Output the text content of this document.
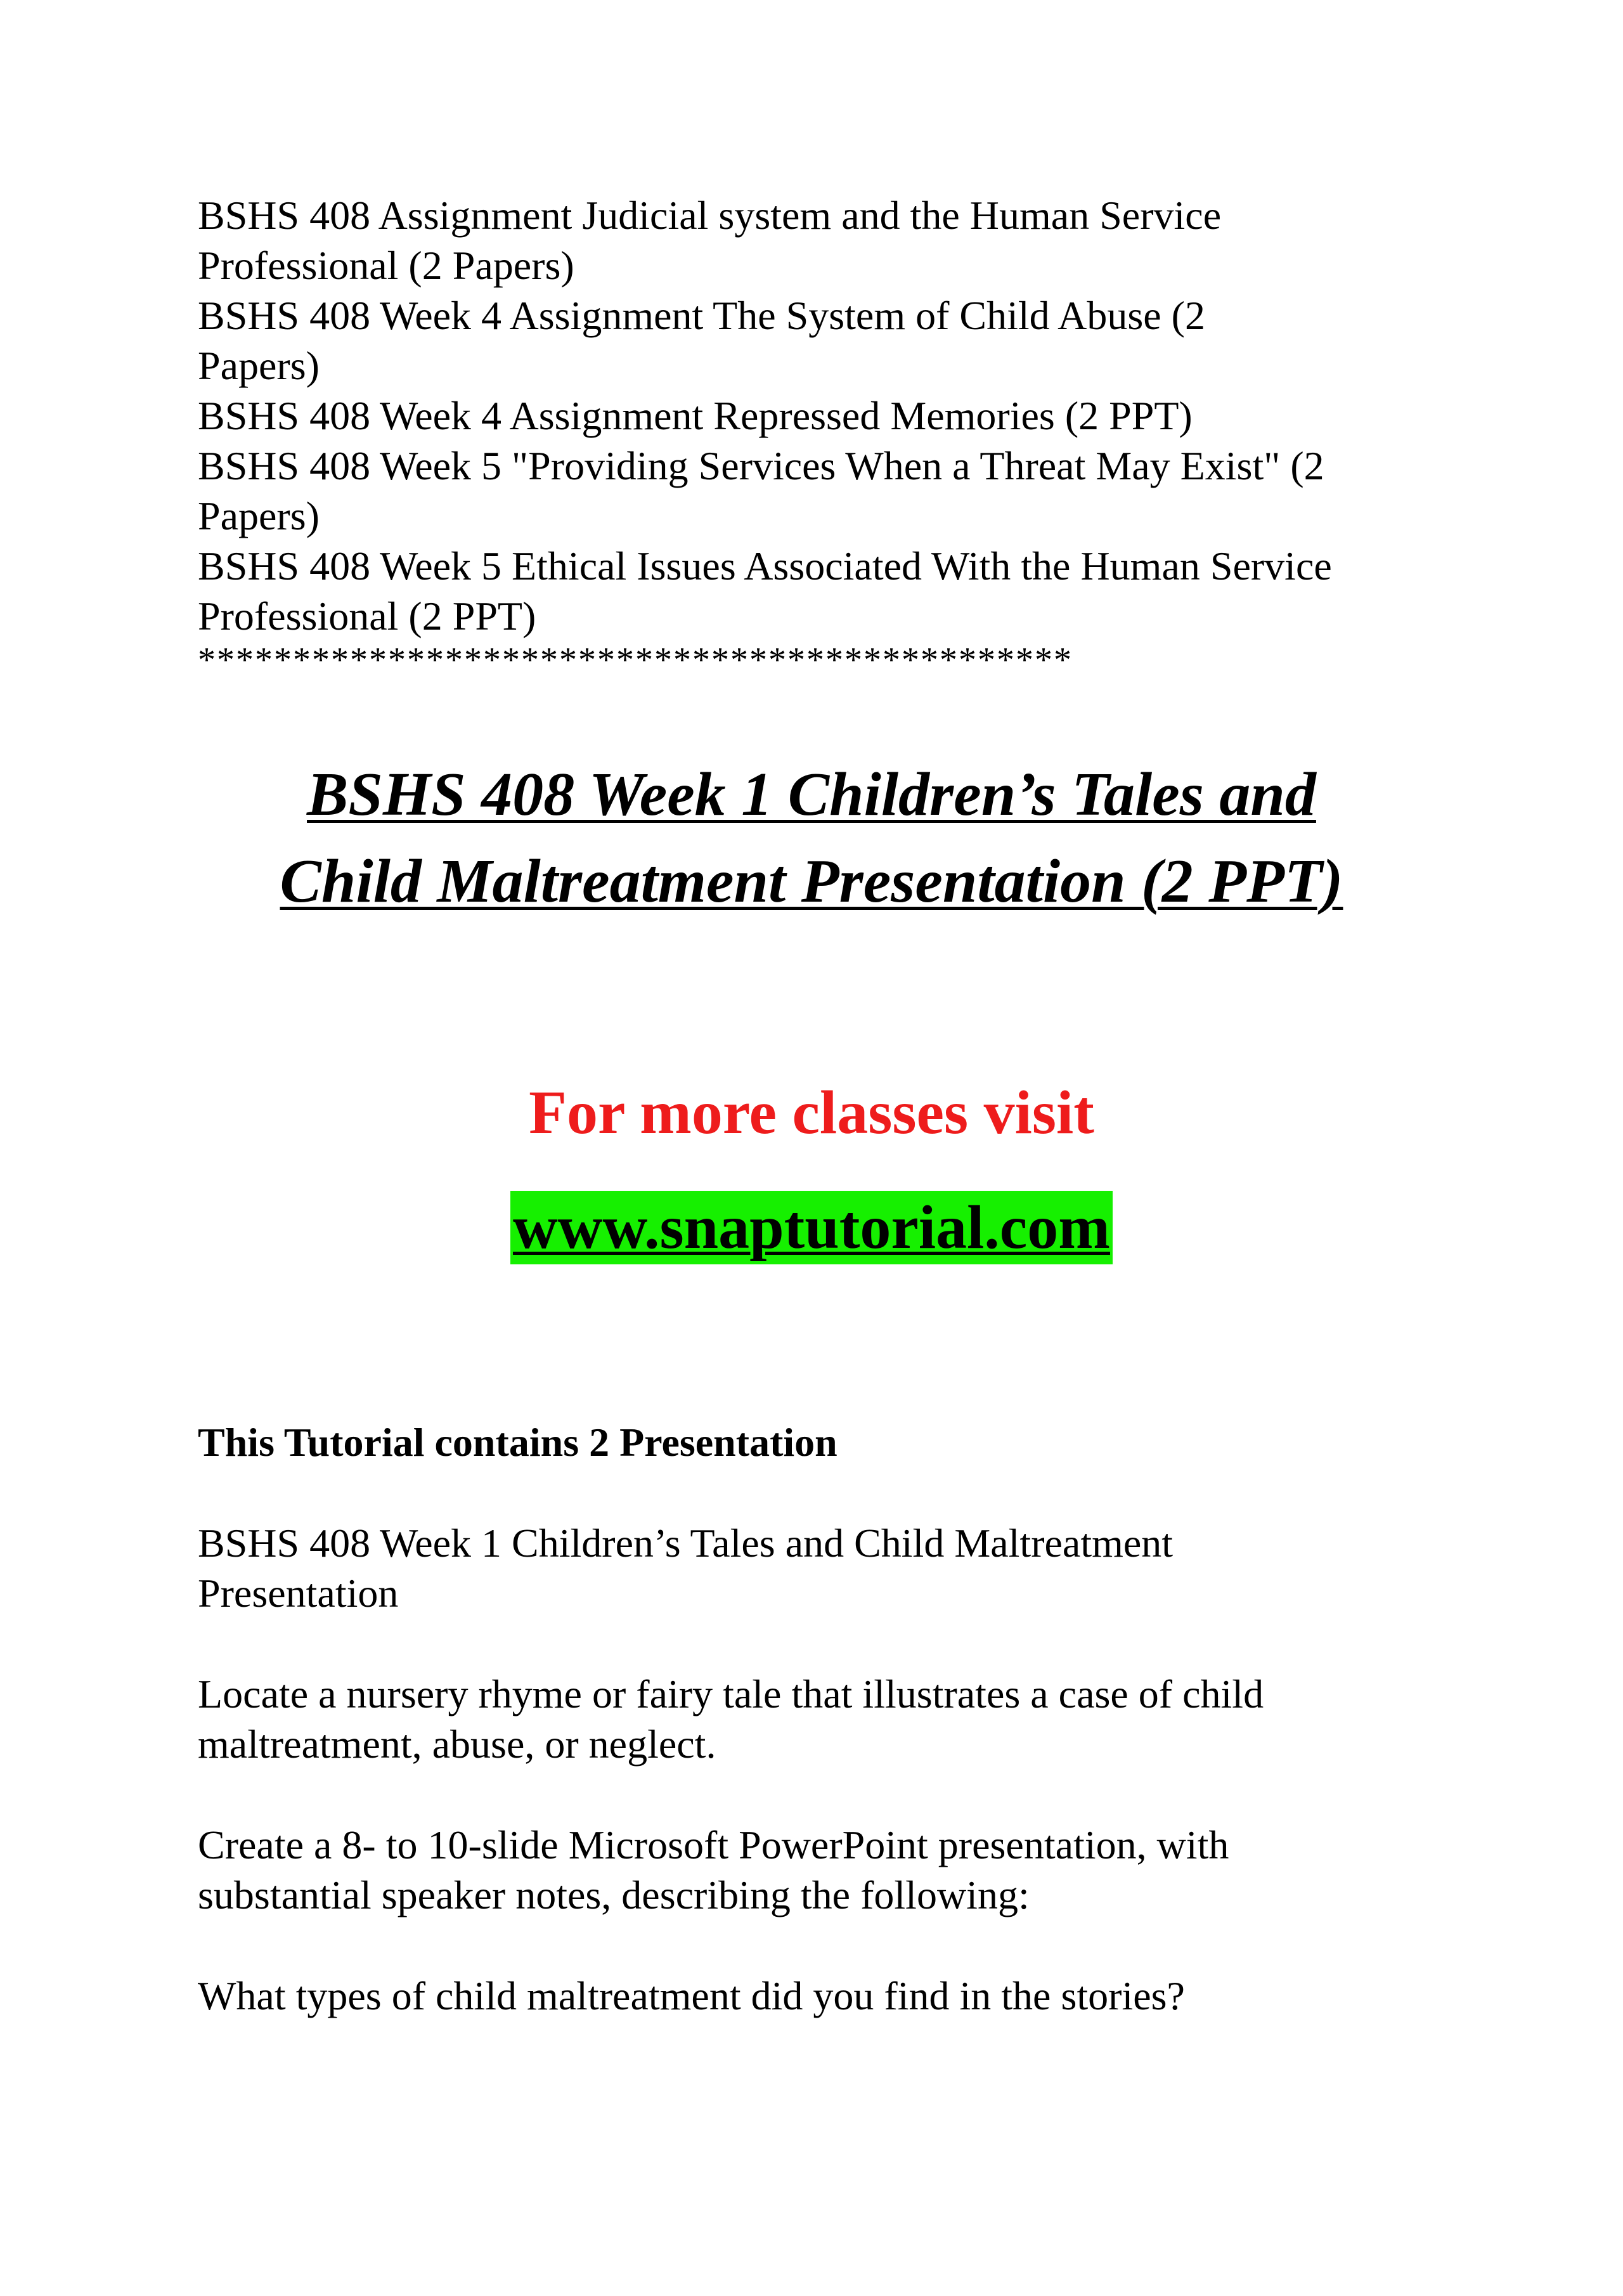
BSHS 408 Assignment Judicial system and the Human Service
Professional (2 Papers)
BSHS 408 Week 4 Assignment The System of Child Abuse (2
Papers)
BSHS 408 Week 4 Assignment Repressed Memories (2 PPT)
BSHS 408 Week 5 "Providing Services When a Threat May Exist" (2
Papers)
BSHS 408 Week 5 Ethical Issues Associated With the Human Service
Professional (2 PPT)
**********************************************
BSHS 408 Week 1 Children’s Tales and
Child Maltreatment Presentation (2 PPT)
For more classes visit
www.snaptutorial.com
This Tutorial contains 2 Presentation
BSHS 408 Week 1 Children’s Tales and Child Maltreatment
Presentation
Locate a nursery rhyme or fairy tale that illustrates a case of child
maltreatment, abuse, or neglect.
Create a 8- to 10-slide Microsoft PowerPoint presentation, with
substantial speaker notes, describing the following:
What types of child maltreatment did you find in the stories?
